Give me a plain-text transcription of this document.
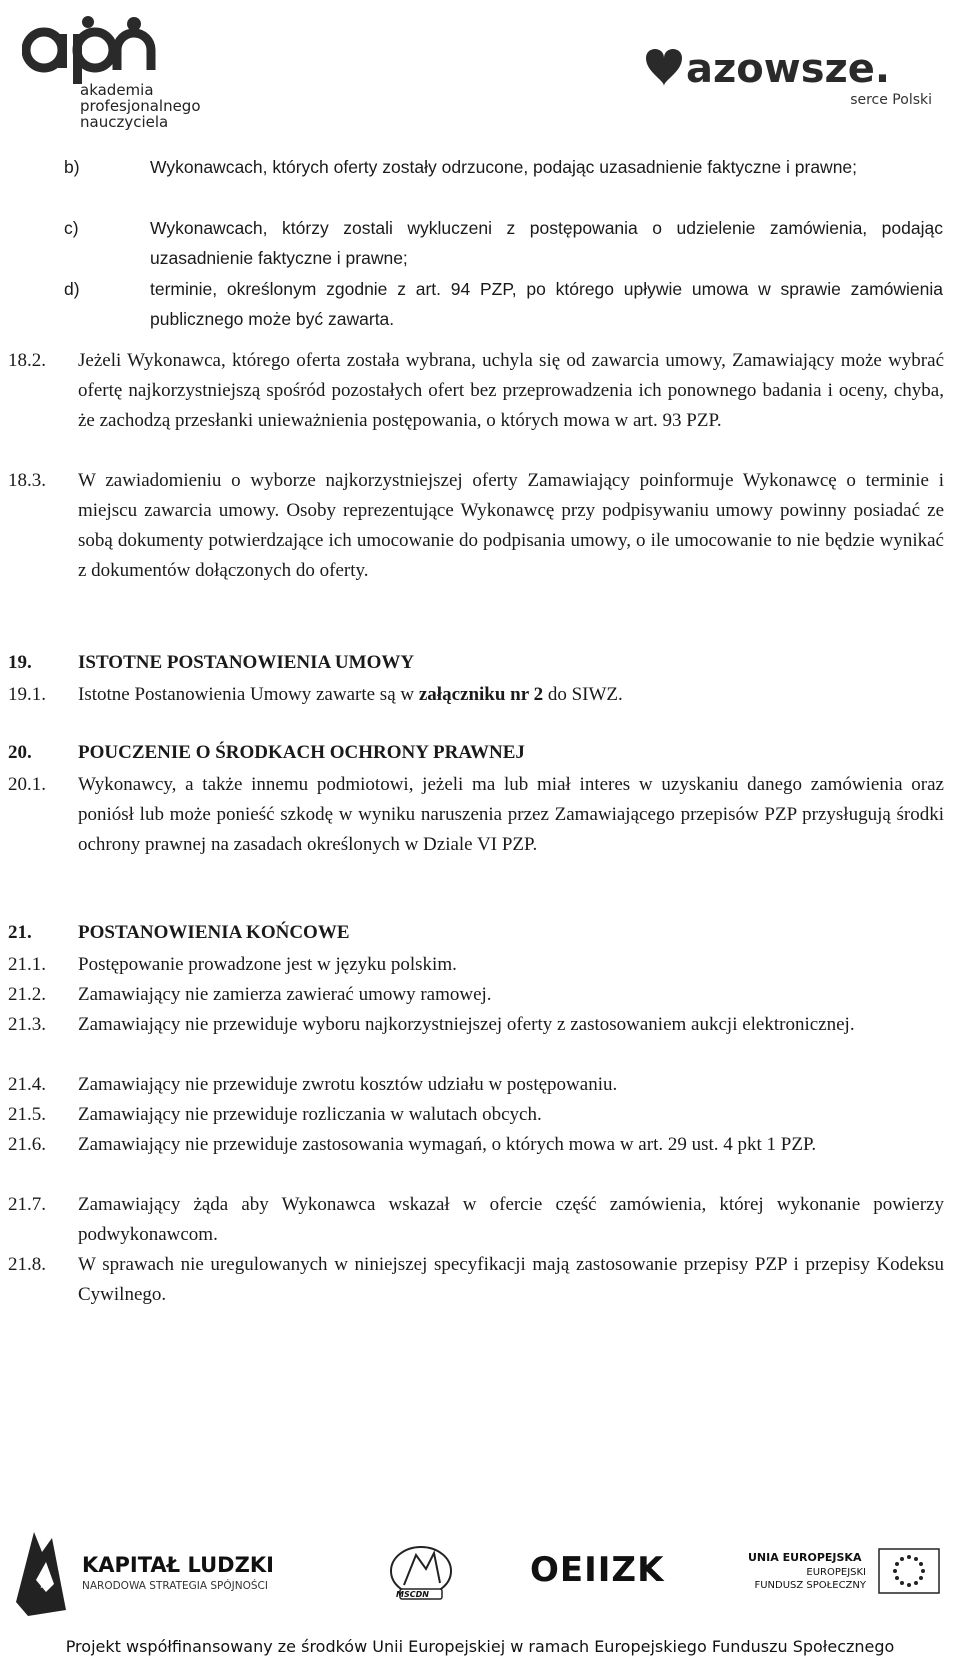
akademia
profesjonalnego
nauczyciela
azowsze.
serce Polski
b)	Wykonawcach, których oferty zostały odrzucone, podając uzasadnienie faktyczne i prawne;
c)	Wykonawcach, którzy zostali wykluczeni z postępowania o udzielenie zamówienia, podając uzasadnienie faktyczne i prawne;
d)	terminie, określonym zgodnie z art. 94 PZP, po którego upływie umowa w sprawie zamówienia publicznego może być zawarta.
18.2. Jeżeli Wykonawca, którego oferta została wybrana, uchyla się od zawarcia umowy, Zamawiający może wybrać ofertę najkorzystniejszą spośród pozostałych ofert bez przeprowadzenia ich ponownego badania i oceny, chyba, że zachodzą przesłanki unieważnienia postępowania, o których mowa w art. 93 PZP.
18.3. W zawiadomieniu o wyborze najkorzystniejszej oferty Zamawiający poinformuje Wykonawcę o terminie i miejscu zawarcia umowy. Osoby reprezentujące Wykonawcę przy podpisywaniu umowy powinny posiadać ze sobą dokumenty potwierdzające ich umocowanie do podpisania umowy, o ile umocowanie to nie będzie wynikać z dokumentów dołączonych do oferty.
19. ISTOTNE POSTANOWIENIA UMOWY
19.1. Istotne Postanowienia Umowy zawarte są w załączniku nr 2 do SIWZ.
20. POUCZENIE O ŚRODKACH OCHRONY PRAWNEJ
20.1. Wykonawcy, a także innemu podmiotowi, jeżeli ma lub miał interes w uzyskaniu danego zamówienia oraz poniósł lub może ponieść szkodę w wyniku naruszenia przez Zamawiającego przepisów PZP przysługują środki ochrony prawnej na zasadach określonych w Dziale VI PZP.
21. POSTANOWIENIA KOŃCOWE
21.1. Postępowanie prowadzone jest w języku polskim.
21.2. Zamawiający nie zamierza zawierać umowy ramowej.
21.3. Zamawiający nie przewiduje wyboru najkorzystniejszej oferty z zastosowaniem aukcji elektronicznej.
21.4. Zamawiający nie przewiduje zwrotu kosztów udziału w postępowaniu.
21.5. Zamawiający nie przewiduje rozliczania w walutach obcych.
21.6. Zamawiający nie przewiduje zastosowania wymagań, o których mowa w art. 29 ust. 4 pkt 1 PZP.
21.7. Zamawiający żąda aby Wykonawca wskazał w ofercie część zamówienia, której wykonanie powierzy podwykonawcom.
21.8. W sprawach nie uregulowanych w niniejszej specyfikacji mają zastosowanie przepisy PZP i przepisy Kodeksu Cywilnego.
KAPITAŁ LUDZKI
NARODOWA STRATEGIA SPÓJNOŚCI
MSCDN
OEIIZK	UNIA EUROPEJSKA
EUROPEJSKI
FUNDUSZ SPOŁECZNY
Projekt współfinansowany ze środków Unii Europejskiej w ramach Europejskiego Funduszu Społecznego
